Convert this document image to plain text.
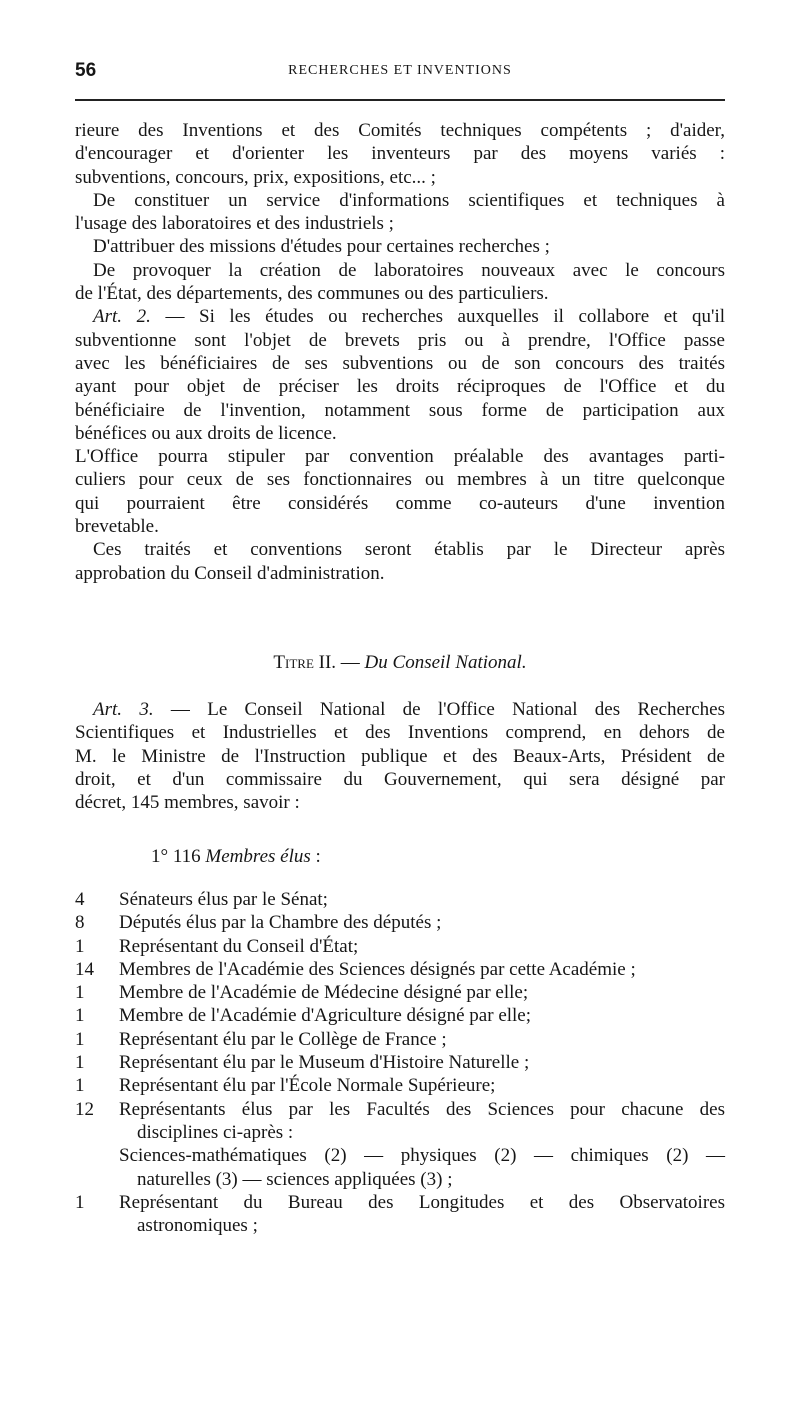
56	RECHERCHES ET INVENTIONS
rieure des Inventions et des Comités techniques compétents ; d'aider,
d'encourager et d'orienter les inventeurs par des moyens variés :
subventions, concours, prix, expositions, etc... ;
De constituer un service d'informations scientifiques et techniques à
l'usage des laboratoires et des industriels ;
D'attribuer des missions d'études pour certaines recherches ;
De provoquer la création de laboratoires nouveaux avec le concours
de l'État, des départements, des communes ou des particuliers.
Art. 2. — Si les études ou recherches auxquelles il collabore et qu'il
subventionne sont l'objet de brevets pris ou à prendre, l'Office passe
avec les bénéficiaires de ses subventions ou de son concours des traités
ayant pour objet de préciser les droits réciproques de l'Office et du
bénéficiaire de l'invention, notamment sous forme de participation aux
bénéfices ou aux droits de licence.
L'Office pourra stipuler par convention préalable des avantages parti-
culiers pour ceux de ses fonctionnaires ou membres à un titre quelconque
qui pourraient être considérés comme co-auteurs d'une invention
brevetable.
Ces traités et conventions seront établis par le Directeur après
approbation du Conseil d'administration.
Titre II. — Du Conseil National.
Art. 3. — Le Conseil National de l'Office National des Recherches
Scientifiques et Industrielles et des Inventions comprend, en dehors de
M. le Ministre de l'Instruction publique et des Beaux-Arts, Président de
droit, et d'un commissaire du Gouvernement, qui sera désigné par
décret, 145 membres, savoir :
1° 116 Membres élus :
4	Sénateurs élus par le Sénat;
8	Députés élus par la Chambre des députés ;
1	Représentant du Conseil d'État;
14	Membres de l'Académie des Sciences désignés par cette Académie ;
1	Membre de l'Académie de Médecine désigné par elle;
1	Membre de l'Académie d'Agriculture désigné par elle;
1	Représentant élu par le Collège de France ;
1	Représentant élu par le Museum d'Histoire Naturelle ;
1	Représentant élu par l'École Normale Supérieure;
12	Représentants élus par les Facultés des Sciences pour chacune des
disciplines ci-après :
Sciences-mathématiques (2) — physiques (2) — chimiques (2) —
naturelles (3) — sciences appliquées (3) ;
1	Représentant du Bureau des Longitudes et des Observatoires
astronomiques ;
